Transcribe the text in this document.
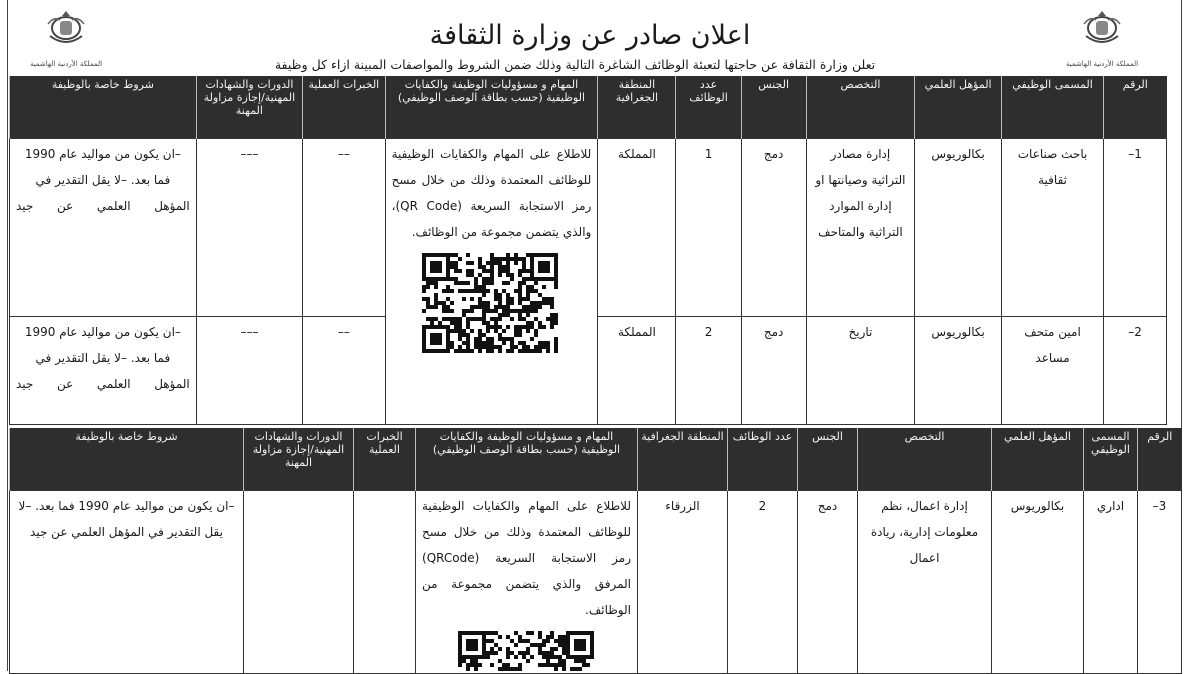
المملكة الأردنية الهاشمية
المملكة الأردنية الهاشمية
اعلان صادر عن وزارة الثقافة
تعلن وزارة الثقافة عن حاجتها لتعبئة الوظائف الشاغرة التالية وذلك ضمن الشروط والمواصفات المبينة ازاء كل وظيفة
الرقم	المسمى الوظيفي	المؤهل العلمي	التخصص	الجنس	عدد الوظائف	المنطقة الجغرافية	المهام و مسؤوليات الوظيفة والكفايات الوظيفية (حسب بطاقة الوصف الوظيفي)	الخبرات العملية	الدورات والشهادات المهنية/إجازة مزاولة المهنة	شروط خاصة بالوظيفة
1–	باحث صناعات ثقافية	بكالوريوس	إدارة مصادر التراثية وصيانتها او إدارة الموارد التراثية والمتاحف	دمج	1	المملكة	للاطلاع على المهام والكفايات الوظيفية للوظائف المعتمدة وذلك من خلال مسح رمز الاستجابة السريعة (QR Code)، والذي يتضمن مجموعة من الوظائف.	––	–––	–ان يكون من مواليد عام 1990 فما بعد. –لا يقل التقدير في المؤهل العلمي عن جيد
2–	امين متحف مساعد	بكالوريوس	تاريخ	دمج	2	المملكة		––	–––	–ان يكون من مواليد عام 1990 فما بعد. –لا يقل التقدير في المؤهل العلمي عن جيد
الرقم	المسمى الوظيفي	المؤهل العلمي	التخصص	الجنس	عدد الوظائف	المنطقة الجغرافية	المهام و مسؤوليات الوظيفة والكفايات الوظيفية (حسب بطاقة الوصف الوظيفي)	الخبرات العملية	الدورات والشهادات المهنية/إجازة مزاولة المهنة	شروط خاصة بالوظيفة
3–	اداري	بكالوريوس	إدارة اعمال، نظم معلومات إدارية، ريادة اعمال	دمج	2	الزرقاء	للاطلاع على المهام والكفايات الوظيفية للوظائف المعتمدة وذلك من خلال مسح رمز الاستجابة السريعة (QRCode) المرفق والذي يتضمن مجموعة من الوظائف.			–ان يكون من مواليد عام 1990 فما بعد. –لا يقل التقدير في المؤهل العلمي عن جيد
